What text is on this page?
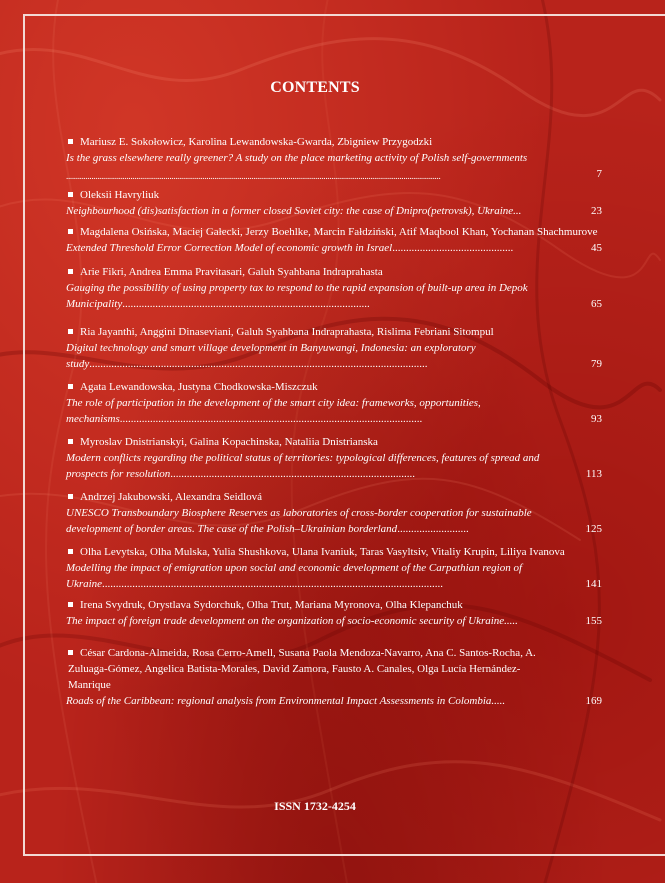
CONTENTS
Mariusz E. Sokołowicz, Karolina Lewandowska-Gwarda, Zbigniew Przygodzki
Is the grass elsewhere really greener? A study on the place marketing activity of Polish self-governments................................................................................................................................................................................................	7
Oleksii Havryliuk
Neighbourhood (dis)satisfaction in a former closed Soviet city: the case of Dnipro(petrovsk), Ukraine...	23
Magdalena Osińska, Maciej Gałecki, Jerzy Boehlke, Marcin Fałdziński, Atif Maqbool Khan, Yochanan Shachmurove
Extended Threshold Error Correction Model of economic growth in Israel............................................	45
Arie Fikri, Andrea Emma Pravitasari, Galuh Syahbana Indraprahasta
Gauging the possibility of using property tax to respond to the rapid expansion of built-up area in Depok Municipality..........................................................................................	65
Ria Jayanthi, Anggini Dinaseviani, Galuh Syahbana Indraprahasta, Rislima Febriani Sitompul
Digital technology and smart village development in Banyuwangi, Indonesia: an exploratory study...........................................................................................................................	79
Agata Lewandowska, Justyna Chodkowska-Miszczuk
The role of participation in the development of the smart city idea: frameworks, opportunities, mechanisms..............................................................................................................	93
Myroslav Dnistrianskyi, Galina Kopachinska, Nataliia Dnistrianska
Modern conflicts regarding the political status of territories: typological differences, features of spread and prospects for resolution.........................................................................................	113
Andrzej Jakubowski, Alexandra Seidlová
UNESCO Transboundary Biosphere Reserves as laboratories of cross-border cooperation for sustainable development of border areas. The case of the Polish–Ukrainian borderland..........................	125
Olha Levytska, Olha Mulska, Yulia Shushkova, Ulana Ivaniuk, Taras Vasyltsiv, Vitaliy Krupin, Liliya Ivanova
Modelling the impact of emigration upon social and economic development of the Carpathian region of Ukraine............................................................................................................................	141
Irena Svydruk, Orystlava Sydorchuk, Olha Trut, Mariana Myronova, Olha Klepanchuk
The impact of foreign trade development on the organization of socio-economic security of Ukraine.....	155
César Cardona-Almeida, Rosa Cerro-Amell, Susana Paola Mendoza-Navarro, Ana C. Santos-Rocha, A. Zuluaga-Gómez, Angelica Batista-Morales, David Zamora, Fausto A. Canales, Olga Lucía Hernández-Manrique
Roads of the Caribbean: regional analysis from Environmental Impact Assessments in Colombia.....	169
ISSN 1732-4254
